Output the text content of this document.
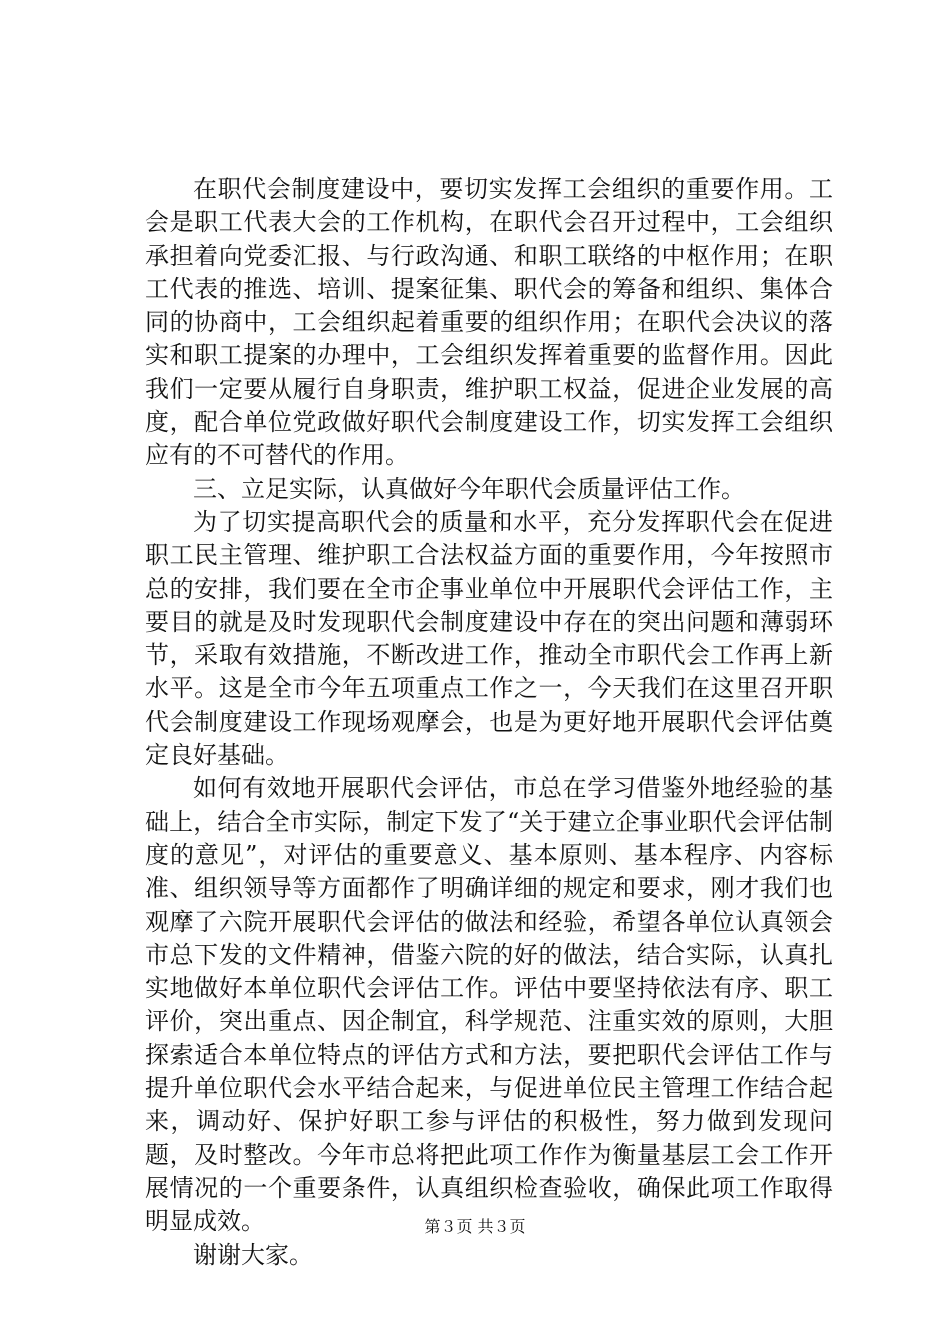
在职代会制度建设中，要切实发挥工会组织的重要作用。工会是职工代表大会的工作机构，在职代会召开过程中，工会组织承担着向党委汇报、与行政沟通、和职工联络的中枢作用；在职工代表的推选、培训、提案征集、职代会的筹备和组织、集体合同的协商中，工会组织起着重要的组织作用；在职代会决议的落实和职工提案的办理中，工会组织发挥着重要的监督作用。因此我们一定要从履行自身职责，维护职工权益，促进企业发展的高度，配合单位党政做好职代会制度建设工作，切实发挥工会组织应有的不可替代的作用。

三、立足实际，认真做好今年职代会质量评估工作。

为了切实提高职代会的质量和水平，充分发挥职代会在促进职工民主管理、维护职工合法权益方面的重要作用，今年按照市总的安排，我们要在全市企事业单位中开展职代会评估工作，主要目的就是及时发现职代会制度建设中存在的突出问题和薄弱环节，采取有效措施，不断改进工作，推动全市职代会工作再上新水平。这是全市今年五项重点工作之一，今天我们在这里召开职代会制度建设工作现场观摩会，也是为更好地开展职代会评估奠定良好基础。

如何有效地开展职代会评估，市总在学习借鉴外地经验的基础上，结合全市实际，制定下发了“关于建立企事业职代会评估制度的意见”，对评估的重要意义、基本原则、基本程序、内容标准、组织领导等方面都作了明确详细的规定和要求，刚才我们也观摩了六院开展职代会评估的做法和经验，希望各单位认真领会市总下发的文件精神，借鉴六院的好的做法，结合实际，认真扎实地做好本单位职代会评估工作。评估中要坚持依法有序、职工评价，突出重点、因企制宜，科学规范、注重实效的原则，大胆探索适合本单位特点的评估方式和方法，要把职代会评估工作与提升单位职代会水平结合起来，与促进单位民主管理工作结合起来，调动好、保护好职工参与评估的积极性，努力做到发现问题，及时整改。今年市总将把此项工作作为衡量基层工会工作开展情况的一个重要条件，认真组织检查验收，确保此项工作取得明显成效。

谢谢大家。

第３页 共３页
